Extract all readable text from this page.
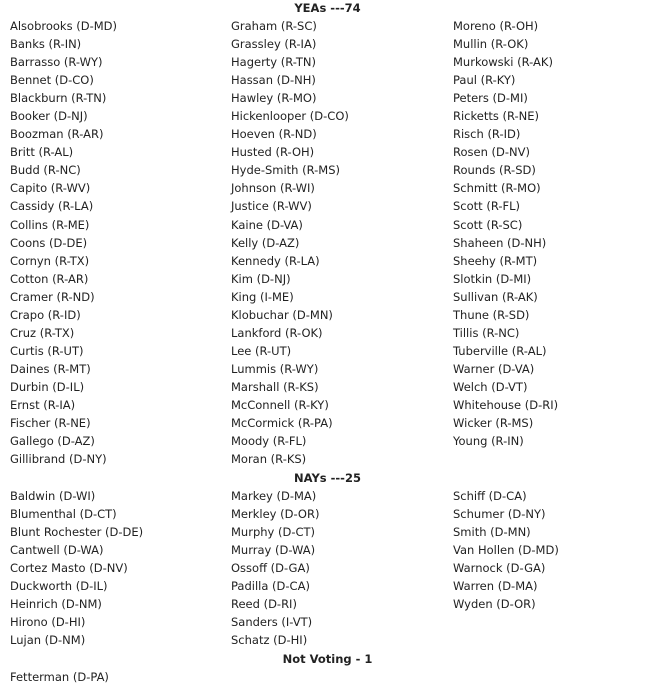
YEAs ---74
Alsobrooks (D-MD)
Banks (R-IN)
Barrasso (R-WY)
Bennet (D-CO)
Blackburn (R-TN)
Booker (D-NJ)
Boozman (R-AR)
Britt (R-AL)
Budd (R-NC)
Capito (R-WV)
Cassidy (R-LA)
Collins (R-ME)
Coons (D-DE)
Cornyn (R-TX)
Cotton (R-AR)
Cramer (R-ND)
Crapo (R-ID)
Cruz (R-TX)
Curtis (R-UT)
Daines (R-MT)
Durbin (D-IL)
Ernst (R-IA)
Fischer (R-NE)
Gallego (D-AZ)
Gillibrand (D-NY)
Graham (R-SC)
Grassley (R-IA)
Hagerty (R-TN)
Hassan (D-NH)
Hawley (R-MO)
Hickenlooper (D-CO)
Hoeven (R-ND)
Husted (R-OH)
Hyde-Smith (R-MS)
Johnson (R-WI)
Justice (R-WV)
Kaine (D-VA)
Kelly (D-AZ)
Kennedy (R-LA)
Kim (D-NJ)
King (I-ME)
Klobuchar (D-MN)
Lankford (R-OK)
Lee (R-UT)
Lummis (R-WY)
Marshall (R-KS)
McConnell (R-KY)
McCormick (R-PA)
Moody (R-FL)
Moran (R-KS)
Moreno (R-OH)
Mullin (R-OK)
Murkowski (R-AK)
Paul (R-KY)
Peters (D-MI)
Ricketts (R-NE)
Risch (R-ID)
Rosen (D-NV)
Rounds (R-SD)
Schmitt (R-MO)
Scott (R-FL)
Scott (R-SC)
Shaheen (D-NH)
Sheehy (R-MT)
Slotkin (D-MI)
Sullivan (R-AK)
Thune (R-SD)
Tillis (R-NC)
Tuberville (R-AL)
Warner (D-VA)
Welch (D-VT)
Whitehouse (D-RI)
Wicker (R-MS)
Young (R-IN)
NAYs ---25
Baldwin (D-WI)
Blumenthal (D-CT)
Blunt Rochester (D-DE)
Cantwell (D-WA)
Cortez Masto (D-NV)
Duckworth (D-IL)
Heinrich (D-NM)
Hirono (D-HI)
Lujan (D-NM)
Markey (D-MA)
Merkley (D-OR)
Murphy (D-CT)
Murray (D-WA)
Ossoff (D-GA)
Padilla (D-CA)
Reed (D-RI)
Sanders (I-VT)
Schatz (D-HI)
Schiff (D-CA)
Schumer (D-NY)
Smith (D-MN)
Van Hollen (D-MD)
Warnock (D-GA)
Warren (D-MA)
Wyden (D-OR)
Not Voting - 1
Fetterman (D-PA)
